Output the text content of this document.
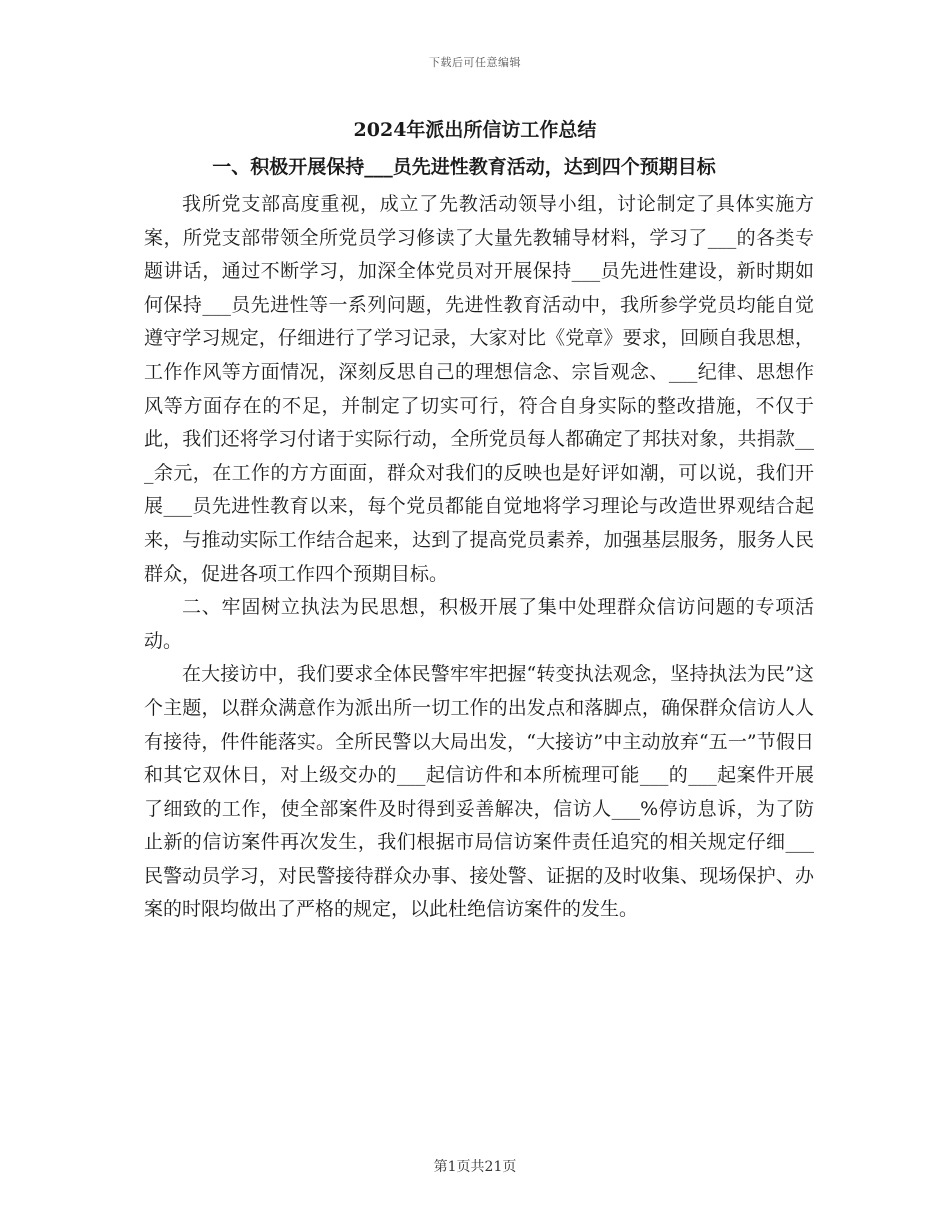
下载后可任意编辑
2024年派出所信访工作总结
一、积极开展保持___员先进性教育活动，达到四个预期目标

我所党支部高度重视，成立了先教活动领导小组，讨论制定了具体实施方案，所党支部带领全所党员学习修读了大量先教辅导材料，学习了___的各类专题讲话，通过不断学习，加深全体党员对开展保持___员先进性建设，新时期如何保持___员先进性等一系列问题，先进性教育活动中，我所参学党员均能自觉遵守学习规定，仔细进行了学习记录，大家对比《党章》要求，回顾自我思想，工作作风等方面情况，深刻反思自己的理想信念、宗旨观念、___纪律、思想作风等方面存在的不足，并制定了切实可行，符合自身实际的整改措施，不仅于此，我们还将学习付诸于实际行动，全所党员每人都确定了邦扶对象，共捐款___余元，在工作的方方面面，群众对我们的反映也是好评如潮，可以说，我们开展___员先进性教育以来，每个党员都能自觉地将学习理论与改造世界观结合起来，与推动实际工作结合起来，达到了提高党员素养，加强基层服务，服务人民群众，促进各项工作四个预期目标。

二、牢固树立执法为民思想，积极开展了集中处理群众信访问题的专项活动。

在大接访中，我们要求全体民警牢牢把握“转变执法观念，坚持执法为民”这个主题，以群众满意作为派出所一切工作的出发点和落脚点，确保群众信访人人有接待，件件能落实。全所民警以大局出发，“大接访”中主动放弃“五一”节假日和其它双休日，对上级交办的___起信访件和本所梳理可能___的___起案件开展了细致的工作，使全部案件及时得到妥善解决，信访人___%停访息诉，为了防止新的信访案件再次发生，我们根据市局信访案件责任追究的相关规定仔细___民警动员学习，对民警接待群众办事、接处警、证据的及时收集、现场保护、办案的时限均做出了严格的规定，以此杜绝信访案件的发生。

第1页共21页
